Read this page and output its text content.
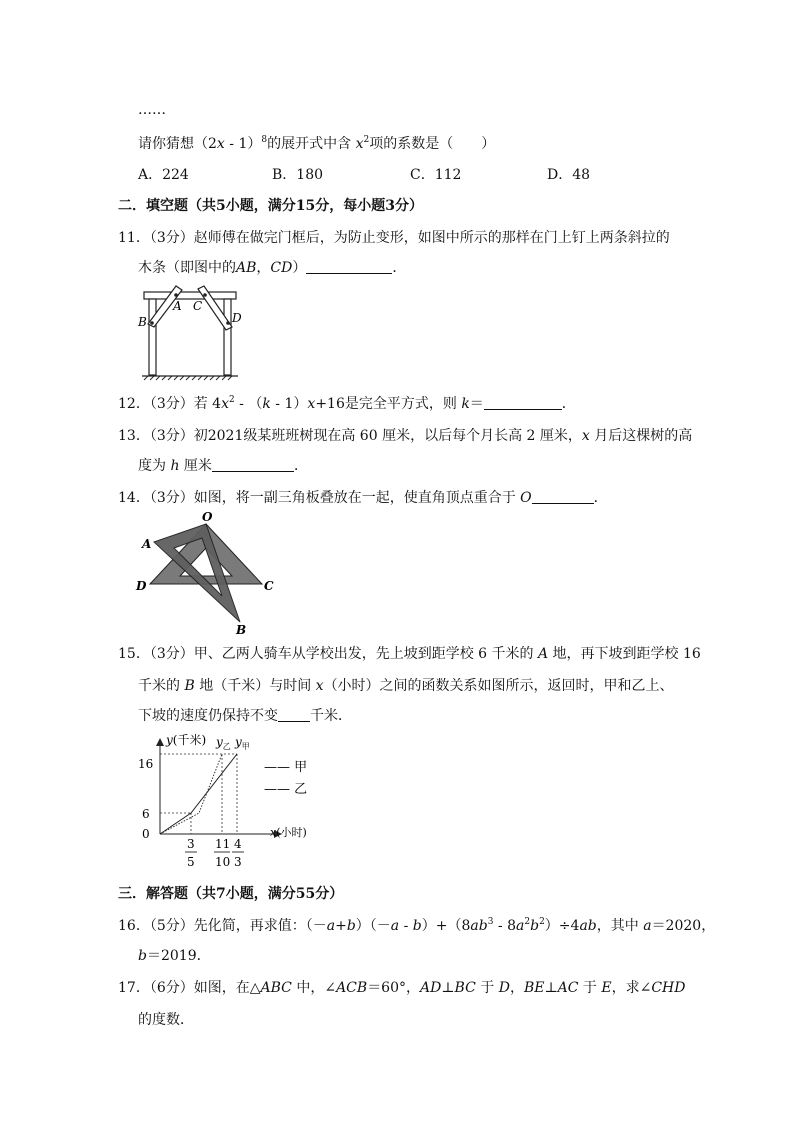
……
请你猜想（2x - 1）$^8$的展开式中含 $x^2$项的系数是（　　）
A．224	B．180	C．112	D．48
二．填空题（共5小题，满分15分，每小题3分）
11．（3分）赵师傅在做完门框后，为防止变形，如图中所示的那样在门上钉上两条斜拉的
木条（即图中的AB，CD）	．
A
B
C
D
12．（3分）若 $4x^2 - (k - 1)x+16$是完全平方式，则 k＝	．
13．（3分）初2021级某班班树现在高 60 厘米，以后每个月长高 2 厘米，x 月后这棵树的高
度为 h 厘米	．
14．（3分）如图，将一副三角板叠放在一起，使直角顶点重合于 O	．
O
A
D	C
B
15．（3分）甲、乙两人骑车从学校出发，先上坡到距学校 6 千米的 A 地，再下坡到距学校 16
千米的 B 地（千米）与时间 x（小时）之间的函数关系如图所示，返回时，甲和乙上、
下坡的速度仍保持不变 千米．
y(千米) $y_乙$ $y_甲$
x(小时)
16
6
0
3
5
11
10
4
3
—— 甲
—— 乙
三．解答题（共7小题，满分55分）
16．（5分）先化简，再求值：$(-a+b)(-a - b)+(8ab^3 - 8a^2b^2)\div 4ab$，其中 a＝2020，
b＝2019．
17．（6分）如图，在△ABC 中，∠ACB＝60°，AD⊥BC 于 D，BE⊥AC 于 E，求∠CHD
的度数．
